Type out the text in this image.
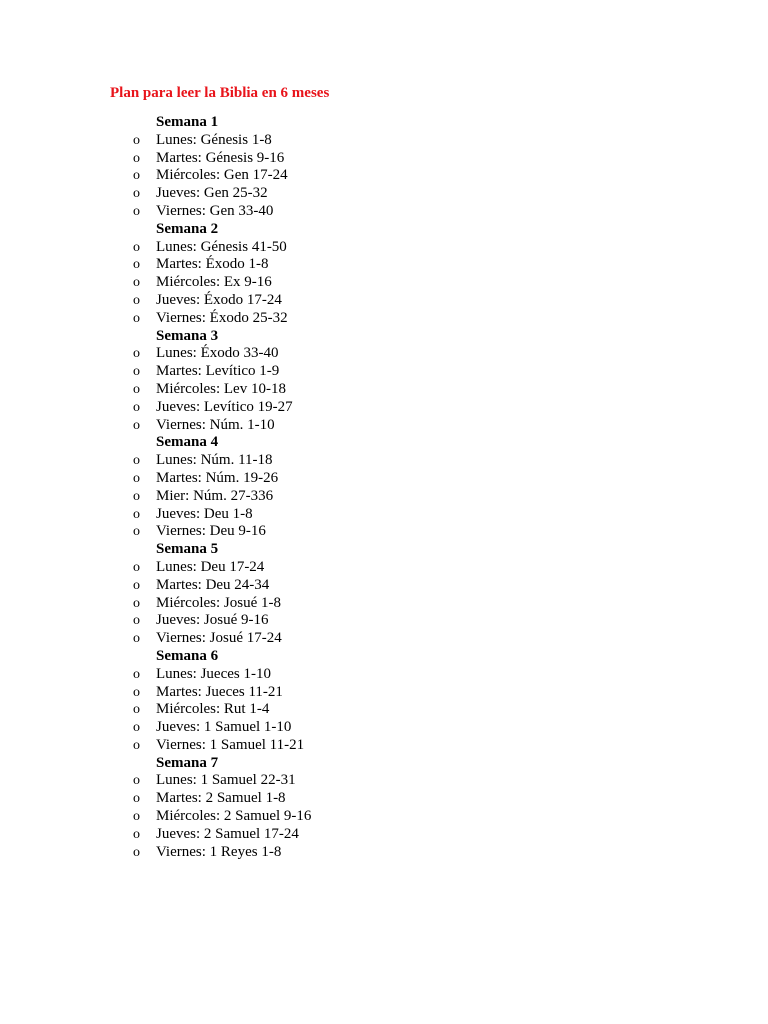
Plan para leer la Biblia en 6 meses
Semana 1
o Lunes: Génesis 1-8
o Martes: Génesis 9-16
o Miércoles: Gen 17-24
o Jueves: Gen 25-32
o Viernes: Gen 33-40
Semana 2
o Lunes: Génesis 41-50
o Martes: Éxodo 1-8
o Miércoles: Ex 9-16
o Jueves: Éxodo 17-24
o Viernes: Éxodo 25-32
Semana 3
o Lunes: Éxodo 33-40
o Martes: Levítico 1-9
o Miércoles: Lev 10-18
o Jueves: Levítico 19-27
o Viernes: Núm. 1-10
Semana 4
o Lunes: Núm. 11-18
o Martes: Núm. 19-26
o Mier: Núm. 27-336
o Jueves: Deu 1-8
o Viernes: Deu 9-16
Semana 5
o Lunes: Deu 17-24
o Martes: Deu 24-34
o Miércoles: Josué 1-8
o Jueves: Josué 9-16
o Viernes: Josué 17-24
Semana 6
o Lunes: Jueces 1-10
o Martes: Jueces 11-21
o Miércoles: Rut 1-4
o Jueves: 1 Samuel 1-10
o Viernes: 1 Samuel 11-21
Semana 7
o Lunes: 1 Samuel 22-31
o Martes: 2 Samuel 1-8
o Miércoles: 2 Samuel 9-16
o Jueves: 2 Samuel 17-24
o Viernes: 1 Reyes 1-8
